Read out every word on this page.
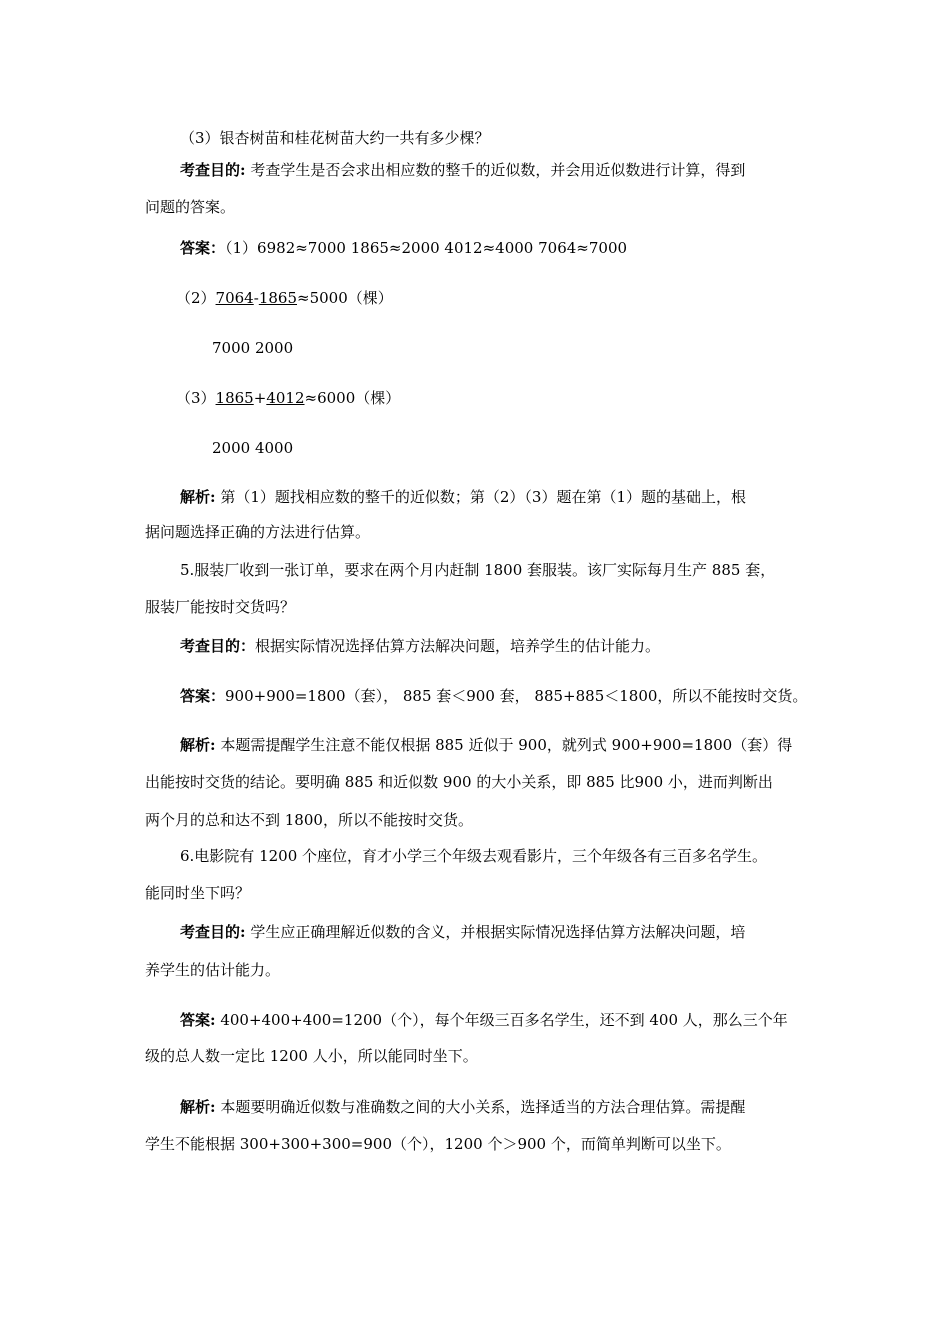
（3）银杏树苗和桂花树苗大约一共有多少棵？
考查目的: 考查学生是否会求出相应数的整千的近似数，并会用近似数进行计算，得到
问题的答案。
答案：（1）6982≈7000 1865≈2000 4012≈4000 7064≈7000
（2）7064-1865≈5000（棵）
7000 2000
（3）1865+4012≈6000（棵）
2000 4000
解析: 第（1）题找相应数的整千的近似数；第（2）（3）题在第（1）题的基础上，根
据问题选择正确的方法进行估算。
5.服装厂收到一张订单，要求在两个月内赶制 1800 套服装。该厂实际每月生产 885 套，
服装厂能按时交货吗？
考查目的：根据实际情况选择估算方法解决问题，培养学生的估计能力。
答案：900+900=1800（套）， 885 套＜900 套， 885+885＜1800，所以不能按时交货。
解析: 本题需提醒学生注意不能仅根据 885 近似于 900，就列式 900+900=1800（套）得
出能按时交货的结论。要明确 885 和近似数 900 的大小关系，即 885 比900 小，进而判断出
两个月的总和达不到 1800，所以不能按时交货。
6.电影院有 1200 个座位，育才小学三个年级去观看影片，三个年级各有三百多名学生。
能同时坐下吗？
考查目的: 学生应正确理解近似数的含义，并根据实际情况选择估算方法解决问题，培
养学生的估计能力。
答案: 400+400+400=1200（个），每个年级三百多名学生，还不到 400 人，那么三个年
级的总人数一定比 1200 人小，所以能同时坐下。
解析: 本题要明确近似数与准确数之间的大小关系，选择适当的方法合理估算。需提醒
学生不能根据 300+300+300=900（个），1200 个＞900 个，而简单判断可以坐下。
